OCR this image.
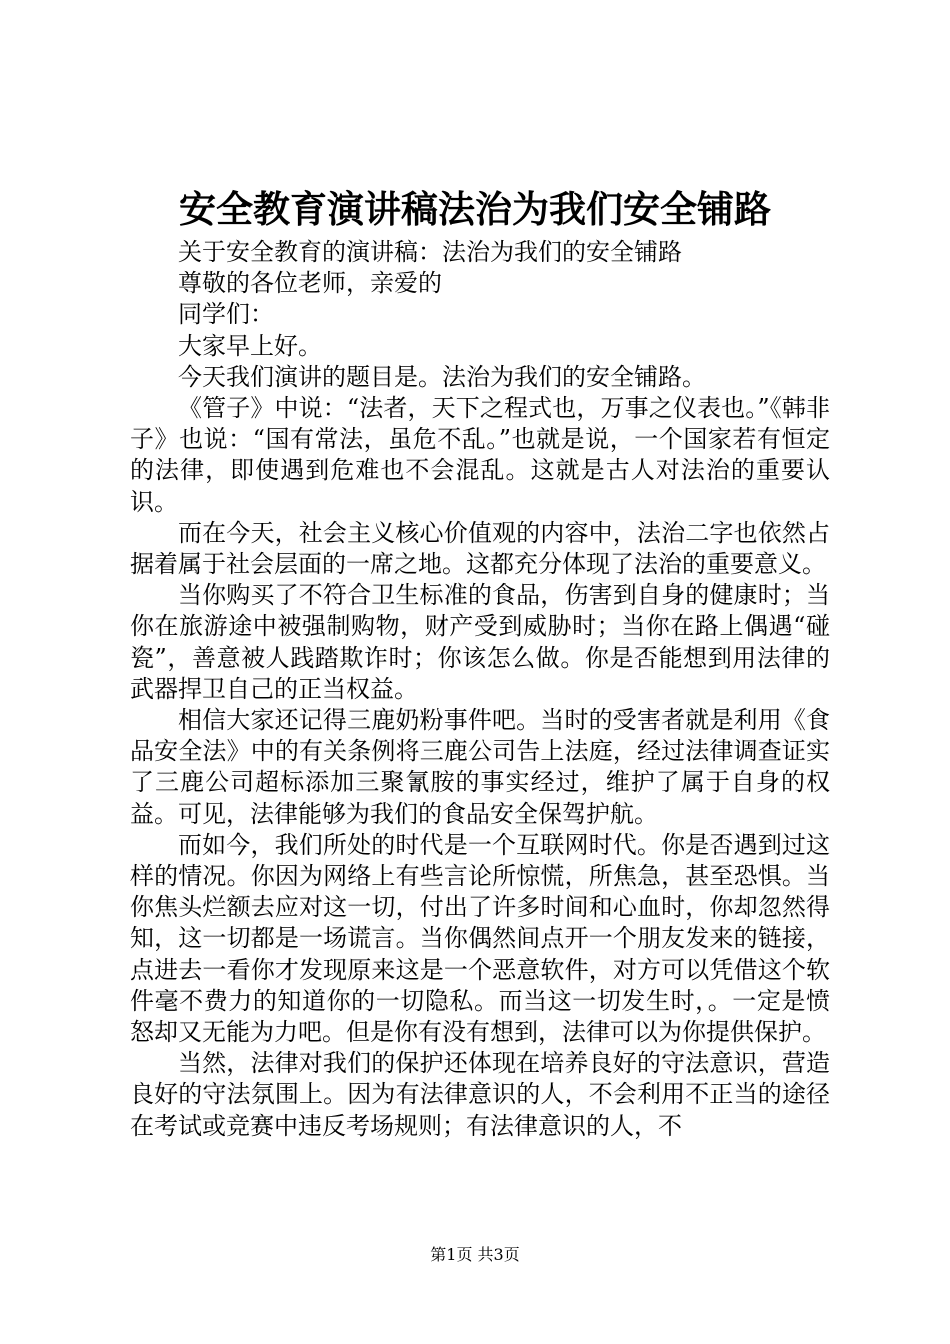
安全教育演讲稿法治为我们安全铺路

关于安全教育的演讲稿：法治为我们的安全铺路

尊敬的各位老师，亲爱的

同学们：

大家早上好。

今天我们演讲的题目是。法治为我们的安全铺路。

《管子》中说：“法者，天下之程式也，万事之仪表也。”《韩非子》也说：“国有常法，虽危不乱。”也就是说，一个国家若有恒定的法律，即使遇到危难也不会混乱。这就是古人对法治的重要认识。

而在今天，社会主义核心价值观的内容中，法治二字也依然占据着属于社会层面的一席之地。这都充分体现了法治的重要意义。

当你购买了不符合卫生标准的食品，伤害到自身的健康时；当你在旅游途中被强制购物，财产受到威胁时；当你在路上偶遇“碰瓷”，善意被人践踏欺诈时；你该怎么做。你是否能想到用法律的武器捍卫自己的正当权益。

相信大家还记得三鹿奶粉事件吧。当时的受害者就是利用《食品安全法》中的有关条例将三鹿公司告上法庭，经过法律调查证实了三鹿公司超标添加三聚氰胺的事实经过，维护了属于自身的权益。可见，法律能够为我们的食品安全保驾护航。

而如今，我们所处的时代是一个互联网时代。你是否遇到过这样的情况。你因为网络上有些言论所惊慌，所焦急，甚至恐惧。当你焦头烂额去应对这一切，付出了许多时间和心血时，你却忽然得知，这一切都是一场谎言。当你偶然间点开一个朋友发来的链接，点进去一看你才发现原来这是一个恶意软件，对方可以凭借这个软件毫不费力的知道你的一切隐私。而当这一切发生时，。一定是愤怒却又无能为力吧。但是你有没有想到，法律可以为你提供保护。

当然，法律对我们的保护还体现在培养良好的守法意识，营造良好的守法氛围上。因为有法律意识的人，不会利用不正当的途径在考试或竞赛中违反考场规则；有法律意识的人，不

第1页 共3页
